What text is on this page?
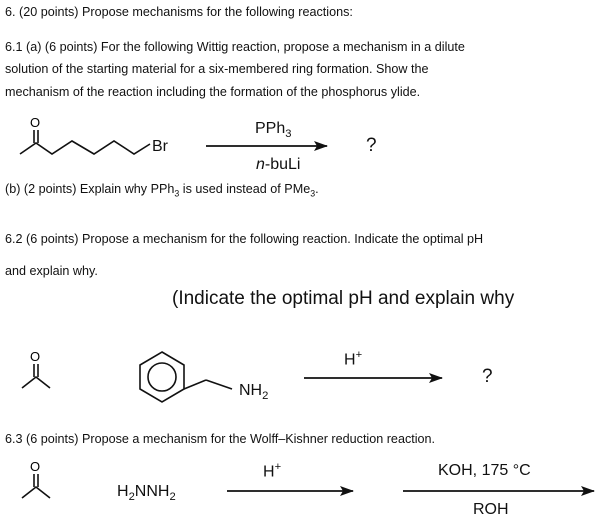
6. (20 points) Propose mechanisms for the following reactions:
6.1 (a) (6 points) For the following Wittig reaction, propose a mechanism in a dilute
solution of the starting material for a six-membered ring formation. Show the
mechanism of the reaction including the formation of the phosphorus ylide.
PPh$_3$
n-buLi
Br	?
(b) (2 points) Explain why PPh$_3$ is used instead of PMe$_3$.
6.2 (6 points) Propose a mechanism for the following reaction. Indicate the optimal pH
and explain why.
(Indicate the optimal pH and explain why
$NH_2$
H+
?
6.3 (6 points) Propose a mechanism for the Wolff–Kishner reduction reaction.
$H_2NNH_2$
H+	KOH, 175 °C
ROH
O
O
O
